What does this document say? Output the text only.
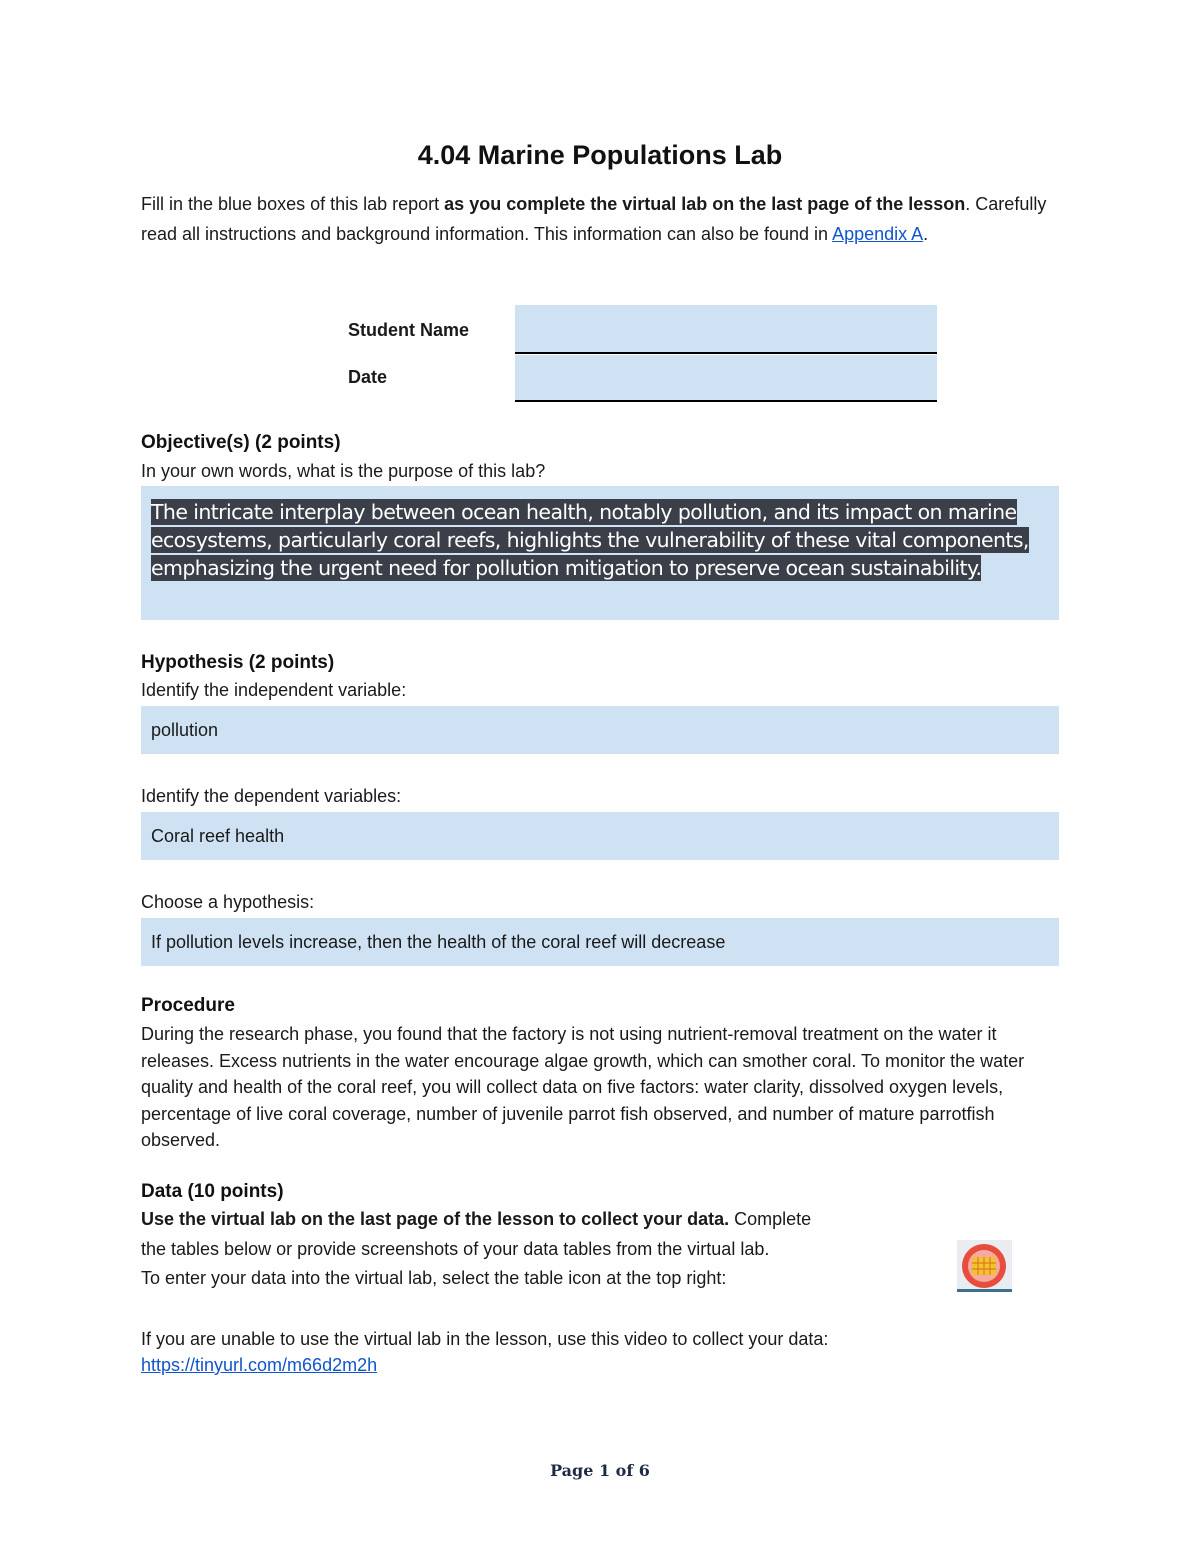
4.04 Marine Populations Lab
Fill in the blue boxes of this lab report as you complete the virtual lab on the last page of the lesson. Carefully read all instructions and background information. This information can also be found in Appendix A.
Student Name
Date
Objective(s) (2 points)
In your own words, what is the purpose of this lab?
The intricate interplay between ocean health, notably pollution, and its impact on marine ecosystems, particularly coral reefs, highlights the vulnerability of these vital components, emphasizing the urgent need for pollution mitigation to preserve ocean sustainability.
Hypothesis (2 points)
Identify the independent variable:
pollution
Identify the dependent variables:
Coral reef health
Choose a hypothesis:
If pollution levels increase, then the health of the coral reef will decrease
Procedure
During the research phase, you found that the factory is not using nutrient-removal treatment on the water it releases. Excess nutrients in the water encourage algae growth, which can smother coral. To monitor the water quality and health of the coral reef, you will collect data on five factors: water clarity, dissolved oxygen levels, percentage of live coral coverage, number of juvenile parrot fish observed, and number of mature parrotfish observed.
Data (10 points)
Use the virtual lab on the last page of the lesson to collect your data. Complete
the tables below or provide screenshots of your data tables from the virtual lab.
To enter your data into the virtual lab, select the table icon at the top right:
If you are unable to use the virtual lab in the lesson, use this video to collect your data:
https://tinyurl.com/m66d2m2h
Page 1 of 6
